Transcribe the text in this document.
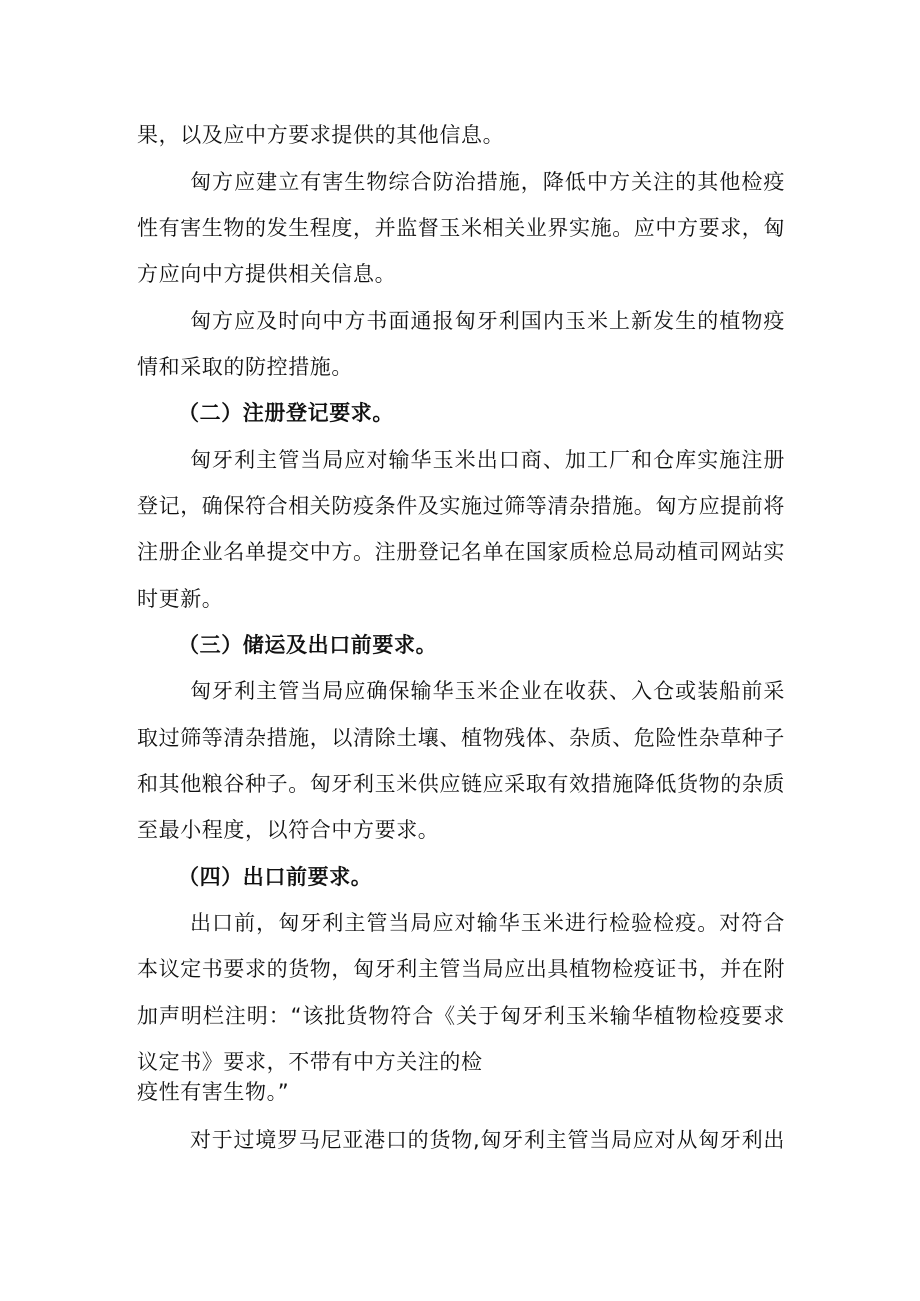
果，以及应中方要求提供的其他信息。
匈方应建立有害生物综合防治措施，降低中方关注的其他检疫
性有害生物的发生程度，并监督玉米相关业界实施。应中方要求，匈
方应向中方提供相关信息。
匈方应及时向中方书面通报匈牙利国内玉米上新发生的植物疫
情和采取的防控措施。
（二）注册登记要求。
匈牙利主管当局应对输华玉米出口商、加工厂和仓库实施注册
登记，确保符合相关防疫条件及实施过筛等清杂措施。匈方应提前将
注册企业名单提交中方。注册登记名单在国家质检总局动植司网站实
时更新。
（三）储运及出口前要求。
匈牙利主管当局应确保输华玉米企业在收获、入仓或装船前采
取过筛等清杂措施，以清除土壤、植物残体、杂质、危险性杂草种子
和其他粮谷种子。匈牙利玉米供应链应采取有效措施降低货物的杂质
至最小程度，以符合中方要求。
（四）出口前要求。
出口前，匈牙利主管当局应对输华玉米进行检验检疫。对符合
本议定书要求的货物，匈牙利主管当局应出具植物检疫证书，并在附
加声明栏注明：“该批货物符合《关于匈牙利玉米输华植物检疫要求
议定书》要求，不带有中方关注的检
疫性有害生物。”
对于过境罗马尼亚港口的货物,匈牙利主管当局应对从匈牙利出
